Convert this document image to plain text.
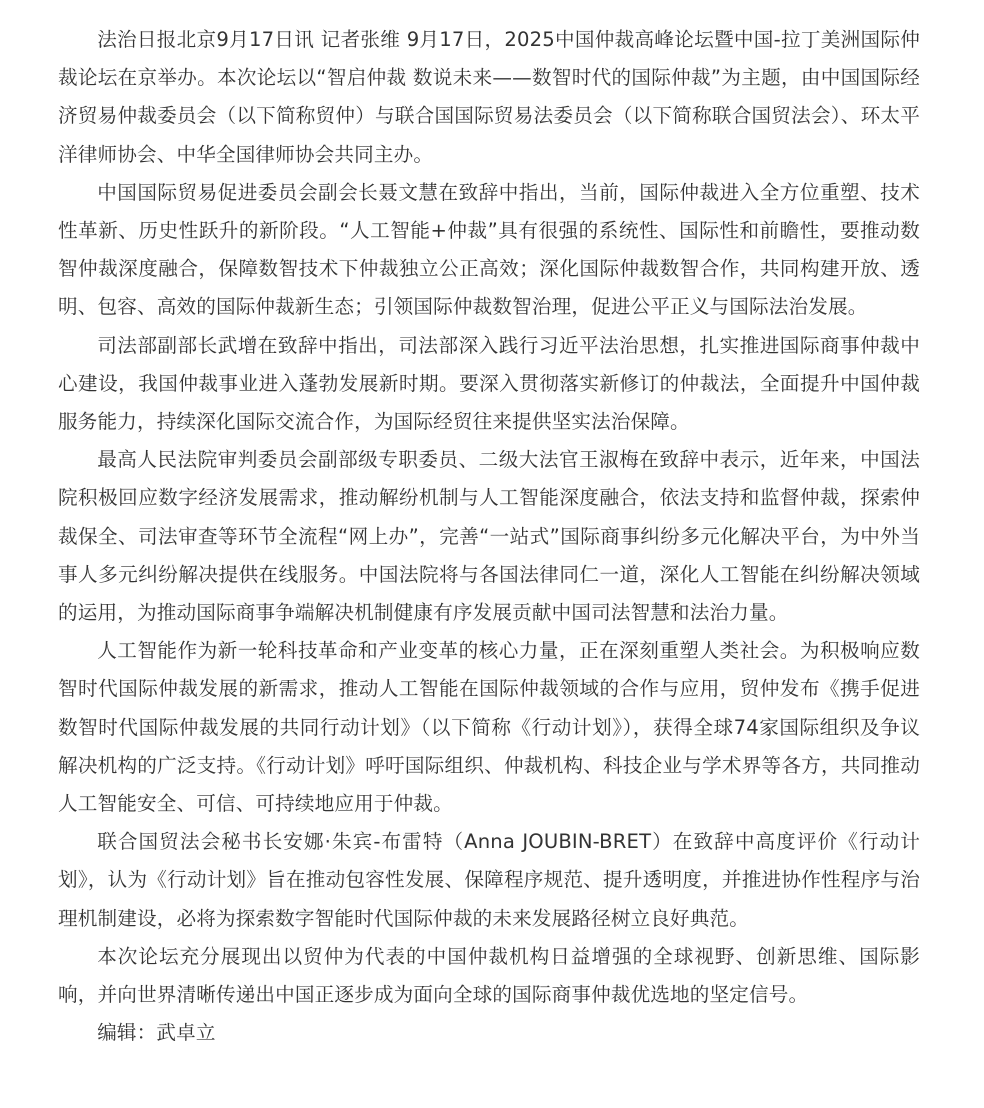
法治日报北京9月17日讯 记者张维 9月17日，2025中国仲裁高峰论坛暨中国-拉丁美洲国际仲裁论坛在京举办。本次论坛以“智启仲裁 数说未来——数智时代的国际仲裁”为主题，由中国国际经济贸易仲裁委员会（以下简称贸仲）与联合国国际贸易法委员会（以下简称联合国贸法会）、环太平洋律师协会、中华全国律师协会共同主办。

中国国际贸易促进委员会副会长聂文慧在致辞中指出，当前，国际仲裁进入全方位重塑、技术性革新、历史性跃升的新阶段。“人工智能+仲裁”具有很强的系统性、国际性和前瞻性，要推动数智仲裁深度融合，保障数智技术下仲裁独立公正高效；深化国际仲裁数智合作，共同构建开放、透明、包容、高效的国际仲裁新生态；引领国际仲裁数智治理，促进公平正义与国际法治发展。

司法部副部长武增在致辞中指出，司法部深入践行习近平法治思想，扎实推进国际商事仲裁中心建设，我国仲裁事业进入蓬勃发展新时期。要深入贯彻落实新修订的仲裁法，全面提升中国仲裁服务能力，持续深化国际交流合作，为国际经贸往来提供坚实法治保障。

最高人民法院审判委员会副部级专职委员、二级大法官王淑梅在致辞中表示，近年来，中国法院积极回应数字经济发展需求，推动解纷机制与人工智能深度融合，依法支持和监督仲裁，探索仲裁保全、司法审查等环节全流程“网上办”，完善“一站式”国际商事纠纷多元化解决平台，为中外当事人多元纠纷解决提供在线服务。中国法院将与各国法律同仁一道，深化人工智能在纠纷解决领域的运用，为推动国际商事争端解决机制健康有序发展贡献中国司法智慧和法治力量。

人工智能作为新一轮科技革命和产业变革的核心力量，正在深刻重塑人类社会。为积极响应数智时代国际仲裁发展的新需求，推动人工智能在国际仲裁领域的合作与应用，贸仲发布《携手促进数智时代国际仲裁发展的共同行动计划》（以下简称《行动计划》），获得全球74家国际组织及争议解决机构的广泛支持。《行动计划》呼吁国际组织、仲裁机构、科技企业与学术界等各方，共同推动人工智能安全、可信、可持续地应用于仲裁。

联合国贸法会秘书长安娜·朱宾-布雷特（Anna JOUBIN-BRET）在致辞中高度评价《行动计划》，认为《行动计划》旨在推动包容性发展、保障程序规范、提升透明度，并推进协作性程序与治理机制建设，必将为探索数字智能时代国际仲裁的未来发展路径树立良好典范。

本次论坛充分展现出以贸仲为代表的中国仲裁机构日益增强的全球视野、创新思维、国际影响，并向世界清晰传递出中国正逐步成为面向全球的国际商事仲裁优选地的坚定信号。

编辑：武卓立
